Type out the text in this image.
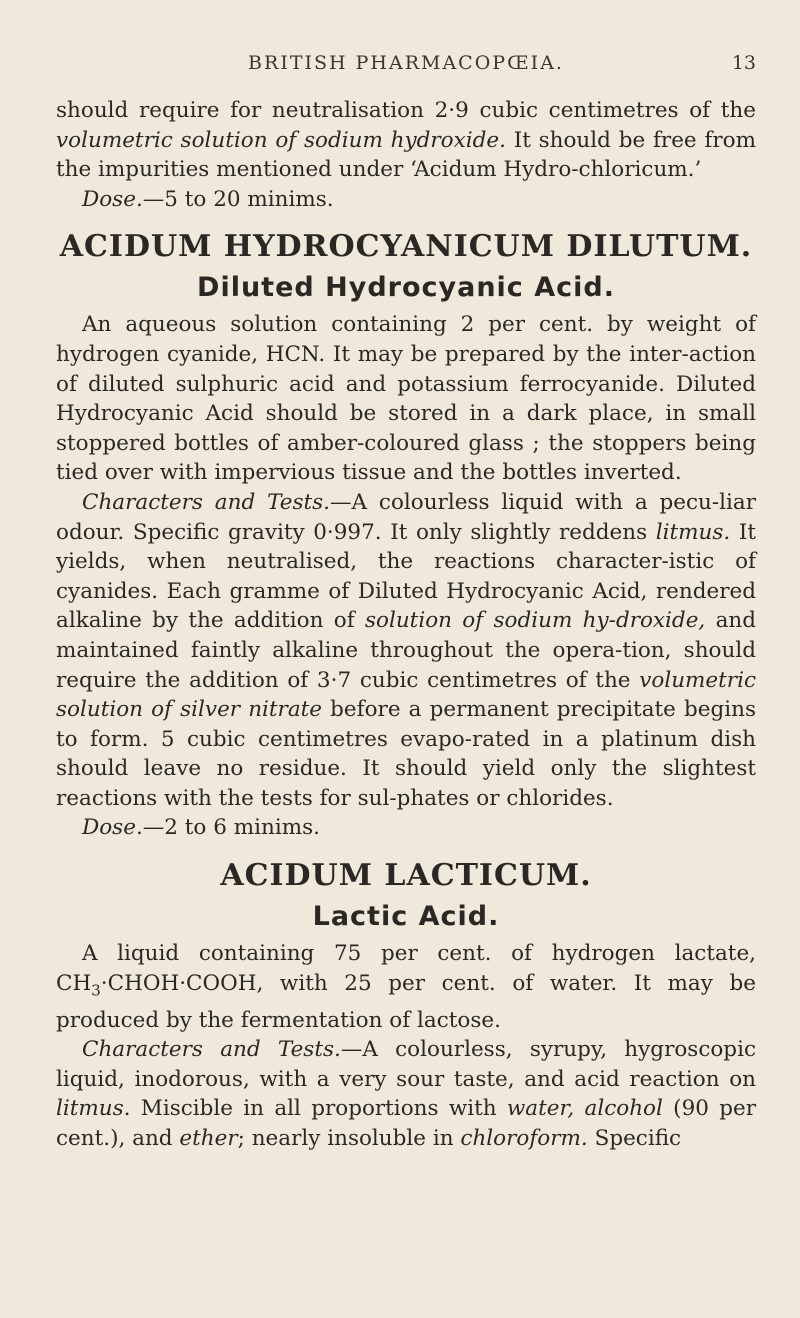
BRITISH PHARMACOPŒIA.	13

should require for neutralisation 2·9 cubic centimetres of the volumetric solution of sodium hydroxide. It should be free from the impurities mentioned under ‘Acidum Hydro-chloricum.’

Dose.—5 to 20 minims.

ACIDUM HYDROCYANICUM DILUTUM.
Diluted Hydrocyanic Acid.

An aqueous solution containing 2 per cent. by weight of hydrogen cyanide, HCN. It may be prepared by the inter-action of diluted sulphuric acid and potassium ferrocyanide. Diluted Hydrocyanic Acid should be stored in a dark place, in small stoppered bottles of amber-coloured glass ; the stoppers being tied over with impervious tissue and the bottles inverted.

Characters and Tests.—A colourless liquid with a pecu-liar odour. Specific gravity 0·997. It only slightly reddens litmus. It yields, when neutralised, the reactions character-istic of cyanides. Each gramme of Diluted Hydrocyanic Acid, rendered alkaline by the addition of solution of sodium hy-droxide, and maintained faintly alkaline throughout the opera-tion, should require the addition of 3·7 cubic centimetres of the volumetric solution of silver nitrate before a permanent precipitate begins to form. 5 cubic centimetres evapo-rated in a platinum dish should leave no residue. It should yield only the slightest reactions with the tests for sul-phates or chlorides.

Dose.—2 to 6 minims.

ACIDUM LACTICUM.
Lactic Acid.

A liquid containing 75 per cent. of hydrogen lactate, $CH_3\cdot CHOH\cdot COOH$, with 25 per cent. of water. It may be produced by the fermentation of lactose.

Characters and Tests.—A colourless, syrupy, hygroscopic liquid, inodorous, with a very sour taste, and acid reaction on litmus. Miscible in all proportions with water, alcohol (90 per cent.), and ether; nearly insoluble in chloroform. Specific
